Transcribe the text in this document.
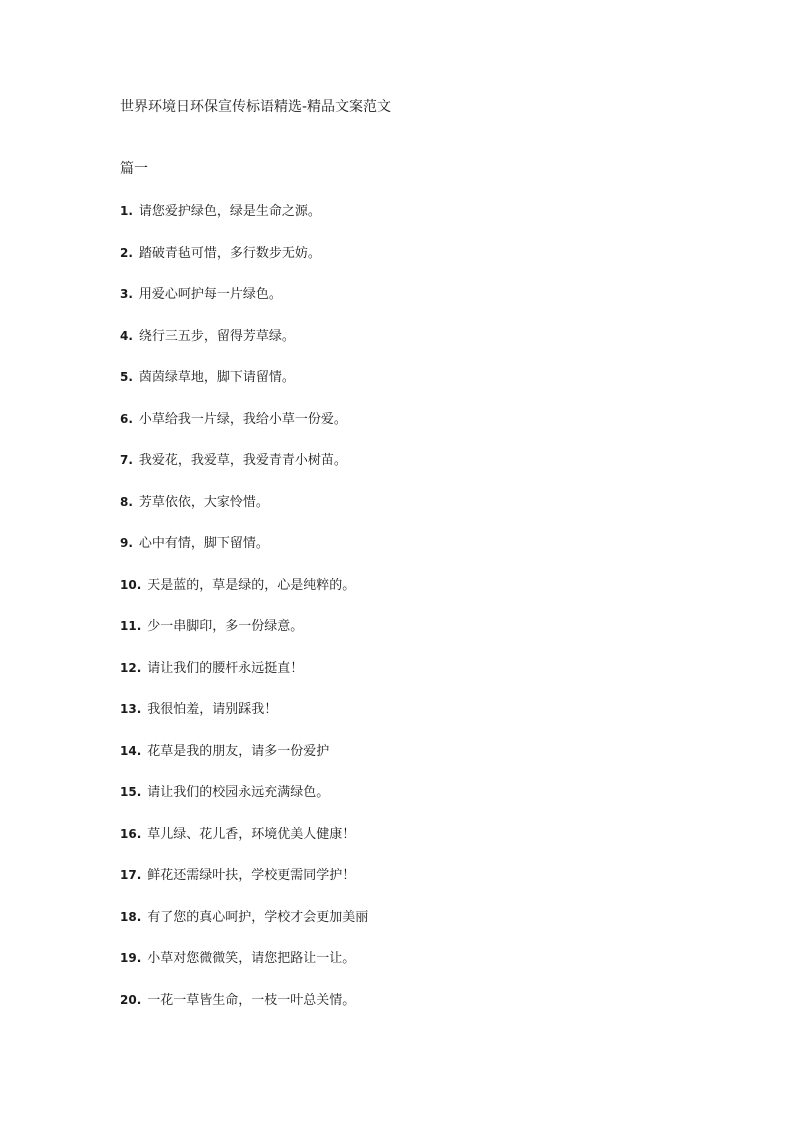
世界环境日环保宣传标语精选-精品文案范文
篇一
1. 请您爱护绿色，绿是生命之源。
2. 踏破青毡可惜，多行数步无妨。
3. 用爱心呵护每一片绿色。
4. 绕行三五步，留得芳草绿。
5. 茵茵绿草地，脚下请留情。
6. 小草给我一片绿，我给小草一份爱。
7. 我爱花，我爱草，我爱青青小树苗。
8. 芳草依依，大家怜惜。
9. 心中有情，脚下留情。
10. 天是蓝的，草是绿的，心是纯粹的。
11. 少一串脚印，多一份绿意。
12. 请让我们的腰杆永远挺直！
13. 我很怕羞，请别踩我！
14. 花草是我的朋友，请多一份爱护
15. 请让我们的校园永远充满绿色。
16. 草儿绿、花儿香，环境优美人健康！
17. 鲜花还需绿叶扶，学校更需同学护！
18. 有了您的真心呵护，学校才会更加美丽
19. 小草对您微微笑，请您把路让一让。
20. 一花一草皆生命，一枝一叶总关情。
